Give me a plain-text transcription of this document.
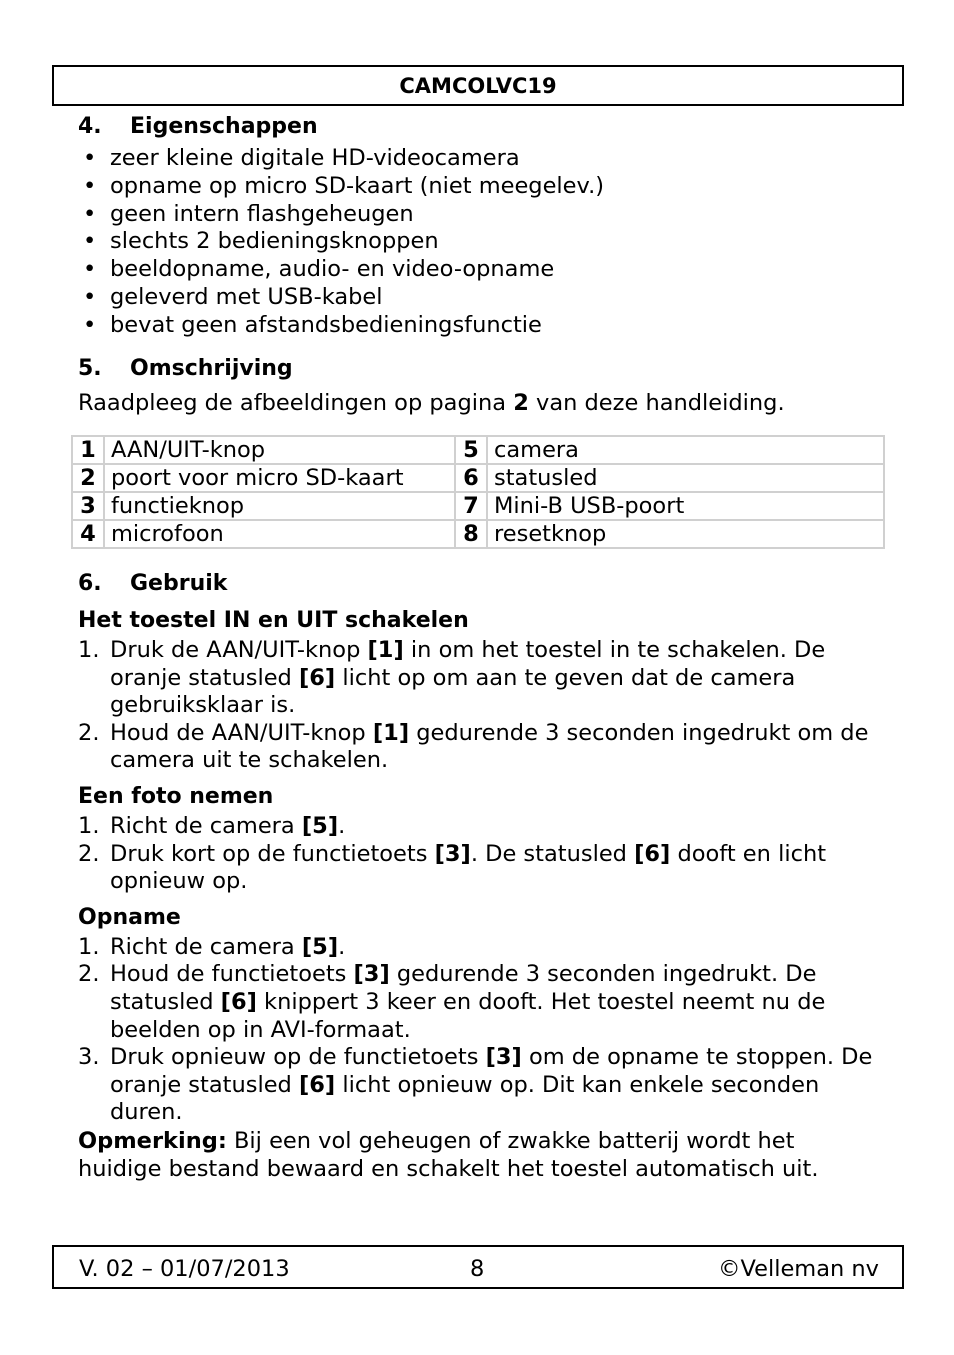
CAMCOLVC19
4.	Eigenschappen
• zeer kleine digitale HD-videocamera
• opname op micro SD-kaart (niet meegelev.)
• geen intern flashgeheugen
• slechts 2 bedieningsknoppen
• beeldopname, audio- en video-opname
• geleverd met USB-kabel
• bevat geen afstandsbedieningsfunctie
5.	Omschrijving

Raadpleeg de afbeeldingen op pagina 2 van deze handleiding.

1	AAN/UIT-knop	5	camera
2	poort voor micro SD-kaart	6	statusled
3	functieknop	7	Mini-B USB-poort
4	microfoon	8	resetknop
6.	Gebruik
Het toestel IN en UIT schakelen
1. Druk de AAN/UIT-knop [1] in om het toestel in te schakelen. De oranje statusled [6] licht op om aan te geven dat de camera gebruiksklaar is.
2. Houd de AAN/UIT-knop [1] gedurende 3 seconden ingedrukt om de camera uit te schakelen.
Een foto nemen
1. Richt de camera [5].
2. Druk kort op de functietoets [3]. De statusled [6] dooft en licht opnieuw op.
Opname
1. Richt de camera [5].
2. Houd de functietoets [3] gedurende 3 seconden ingedrukt. De statusled [6] knippert 3 keer en dooft. Het toestel neemt nu de beelden op in AVI-formaat.
3. Druk opnieuw op de functietoets [3] om de opname te stoppen. De oranje statusled [6] licht opnieuw op. Dit kan enkele seconden duren.

Opmerking: Bij een vol geheugen of zwakke batterij wordt het huidige bestand bewaard en schakelt het toestel automatisch uit.

V. 02 – 01/07/2013	8	©Velleman nv
